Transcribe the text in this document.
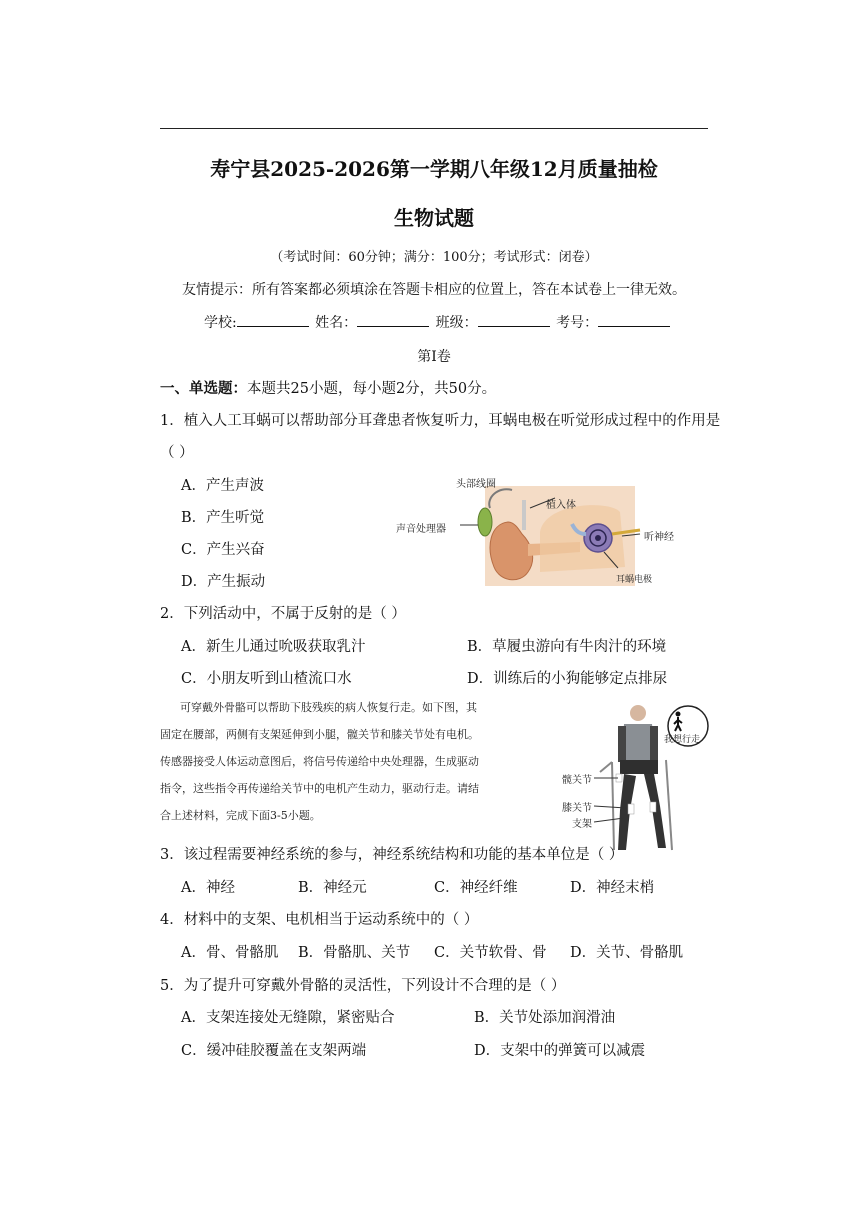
寿宁县2025-2026第一学期八年级12月质量抽检
生物试题
（考试时间：60分钟；满分：100分；考试形式：闭卷）
友情提示：所有答案都必须填涂在答题卡相应的位置上，答在本试卷上一律无效。
学校:	姓名：	班级：	考号：
第I卷
一、单选题：本题共25小题，每小题2分，共50分。
1．植入人工耳蜗可以帮助部分耳聋患者恢复听力，耳蜗电极在听觉形成过程中的作用是
（ ）
A．产生声波
B．产生听觉
C．产生兴奋
D．产生振动
头部线圈
植入体
声音处理器
听神经
耳蜗电极
2．下列活动中，不属于反射的是（ ）
A．新生儿通过吮吸获取乳汁	B．草履虫游向有牛肉汁的环境
C．小朋友听到山楂流口水	D．训练后的小狗能够定点排尿
可穿戴外骨骼可以帮助下肢残疾的病人恢复行走。如下图，其
固定在腰部，两侧有支架延伸到小腿，髋关节和膝关节处有电机。
传感器接受人体运动意图后，将信号传递给中央处理器，生成驱动
指令，这些指令再传递给关节中的电机产生动力，驱动行走。请结
合上述材料，完成下面3-5小题。
髋关节
膝关节
支架
我想行走
3．该过程需要神经系统的参与，神经系统结构和功能的基本单位是（ ）
A．神经	B．神经元	C．神经纤维	D．神经末梢
4．材料中的支架、电机相当于运动系统中的（ ）
A．骨、骨骼肌 B．骨骼肌、关节 C．关节软骨、骨 D．关节、骨骼肌
5．为了提升可穿戴外骨骼的灵活性，下列设计不合理的是（ ）
A．支架连接处无缝隙，紧密贴合	B．关节处添加润滑油
C．缓冲硅胶覆盖在支架两端	D．支架中的弹簧可以减震
